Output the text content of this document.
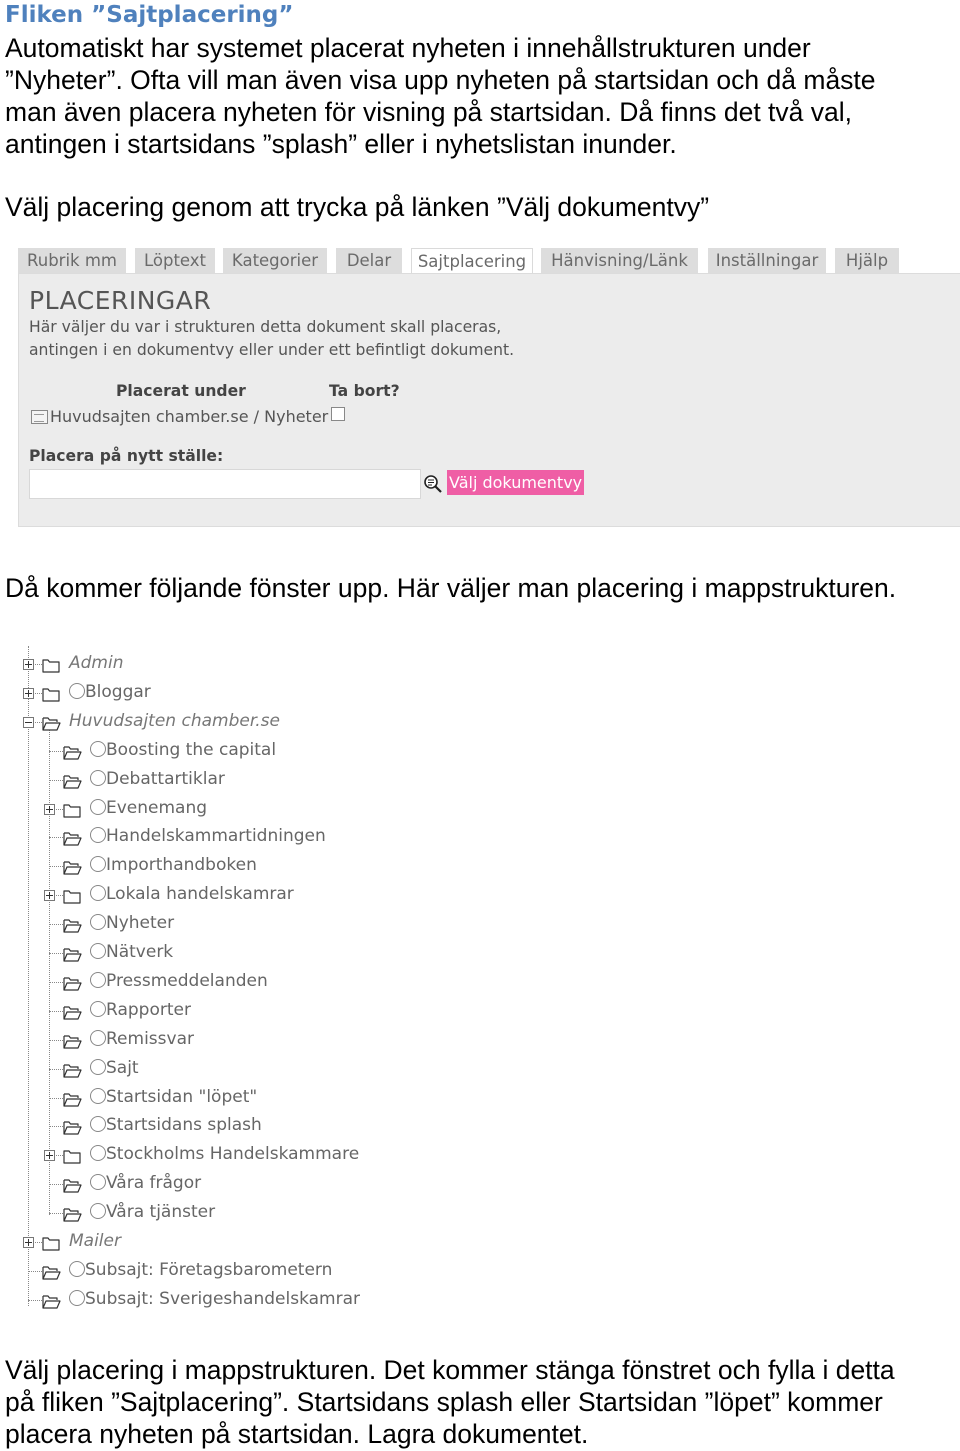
Fliken ”Sajtplacering”
Automatiskt har systemet placerat nyheten i innehållstrukturen under
”Nyheter”. Ofta vill man även visa upp nyheten på startsidan och då måste
man även placera nyheten för visning på startsidan. Då finns det två val,
antingen i startsidans ”splash” eller i nyhetslistan inunder.
Välj placering genom att trycka på länken ”Välj dokumentvy”
Rubrik mm	Löptext	Kategorier	Delar	Sajtplacering	Hänvisning/Länk	Inställningar	Hjälp
PLACERINGAR
Här väljer du var i strukturen detta dokument skall placeras,
antingen i en dokumentvy eller under ett befintligt dokument.
Placerat under	Ta bort?
Huvudsajten chamber.se / Nyheter
Placera på nytt ställe:
Välj dokumentvy
Då kommer följande fönster upp. Här väljer man placering i mappstrukturen.
Admin
Bloggar
Huvudsajten chamber.se
Boosting the capital
Debattartiklar
Evenemang
Handelskammartidningen
Importhandboken
Lokala handelskamrar
Nyheter
Nätverk
Pressmeddelanden
Rapporter
Remissvar
Sajt
Startsidan "löpet"
Startsidans splash
Stockholms Handelskammare
Våra frågor
Våra tjänster
Mailer
Subsajt: Företagsbarometern
Subsajt: Sverigeshandelskamrar
Välj placering i mappstrukturen. Det kommer stänga fönstret och fylla i detta
på fliken ”Sajtplacering”. Startsidans splash eller Startsidan ”löpet” kommer
placera nyheten på startsidan. Lagra dokumentet.
